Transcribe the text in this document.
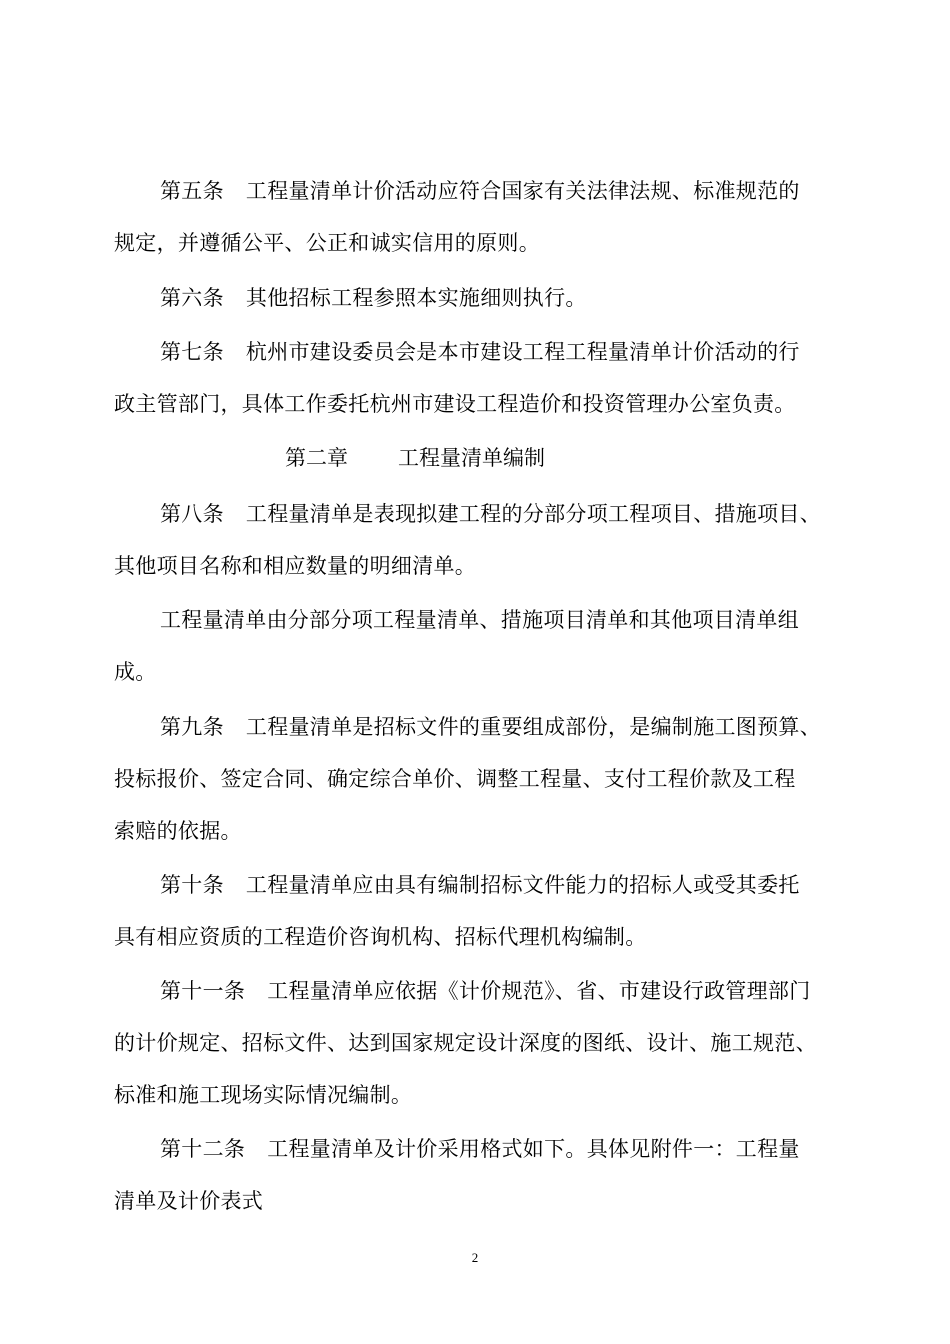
第五条 工程量清单计价活动应符合国家有关法律法规、标准规范的
规定，并遵循公平、公正和诚实信用的原则。
第六条 其他招标工程参照本实施细则执行。
第七条 杭州市建设委员会是本市建设工程工程量清单计价活动的行
政主管部门，具体工作委托杭州市建设工程造价和投资管理办公室负责。
第二章 工程量清单编制
第八条 工程量清单是表现拟建工程的分部分项工程项目、措施项目、
其他项目名称和相应数量的明细清单。
工程量清单由分部分项工程量清单、措施项目清单和其他项目清单组
成。
第九条 工程量清单是招标文件的重要组成部份，是编制施工图预算、
投标报价、签定合同、确定综合单价、调整工程量、支付工程价款及工程
索赔的依据。
第十条 工程量清单应由具有编制招标文件能力的招标人或受其委托
具有相应资质的工程造价咨询机构、招标代理机构编制。
第十一条 工程量清单应依据《计价规范》、省、市建设行政管理部门
的计价规定、招标文件、达到国家规定设计深度的图纸、设计、施工规范、
标准和施工现场实际情况编制。
第十二条 工程量清单及计价采用格式如下。具体见附件一：工程量
清单及计价表式
2
